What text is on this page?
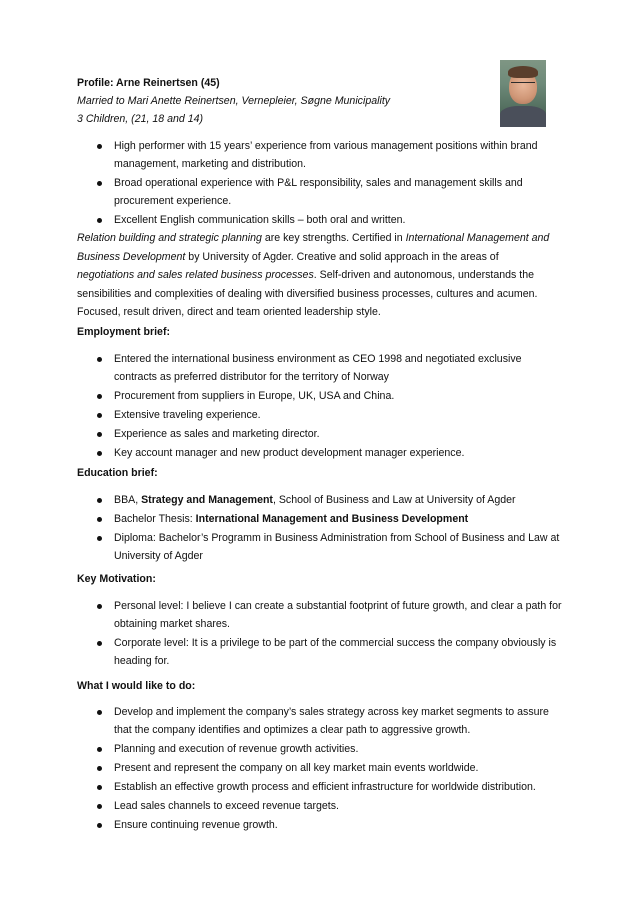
Profile: Arne Reinertsen (45)
Married to Mari Anette Reinertsen, Vernepleier, Søgne Municipality
3 Children, (21, 18 and 14)
High performer with 15 years’ experience from various management positions within brand management, marketing and distribution.
Broad operational experience with P&L responsibility, sales and management skills and procurement experience.
Excellent English communication skills – both oral and written.
Relation building and strategic planning are key strengths. Certified in International Management and Business Development by University of Agder. Creative and solid approach in the areas of negotiations and sales related business processes. Self-driven and autonomous, understands the sensibilities and complexities of dealing with diversified business processes, cultures and acumen. Focused, result driven, direct and team oriented leadership style.
Employment brief:
Entered the international business environment as CEO 1998 and negotiated exclusive contracts as preferred distributor for the territory of Norway
Procurement from suppliers in Europe, UK, USA and China.
Extensive traveling experience.
Experience as sales and marketing director.
Key account manager and new product development manager experience.
Education brief:
BBA, Strategy and Management, School of Business and Law at University of Agder
Bachelor Thesis: International Management and Business Development
Diploma: Bachelor’s Programm in Business Administration from School of Business and Law at University of Agder
Key Motivation:
Personal level: I believe I can create a substantial footprint of future growth, and clear a path for obtaining market shares.
Corporate level: It is a privilege to be part of the commercial success the company obviously is heading for.
What I would like to do:
Develop and implement the company’s sales strategy across key market segments to assure that the company identifies and optimizes a clear path to aggressive growth.
Planning and execution of revenue growth activities.
Present and represent the company on all key market main events worldwide.
Establish an effective growth process and efficient infrastructure for worldwide distribution.
Lead sales channels to exceed revenue targets.
Ensure continuing revenue growth.
